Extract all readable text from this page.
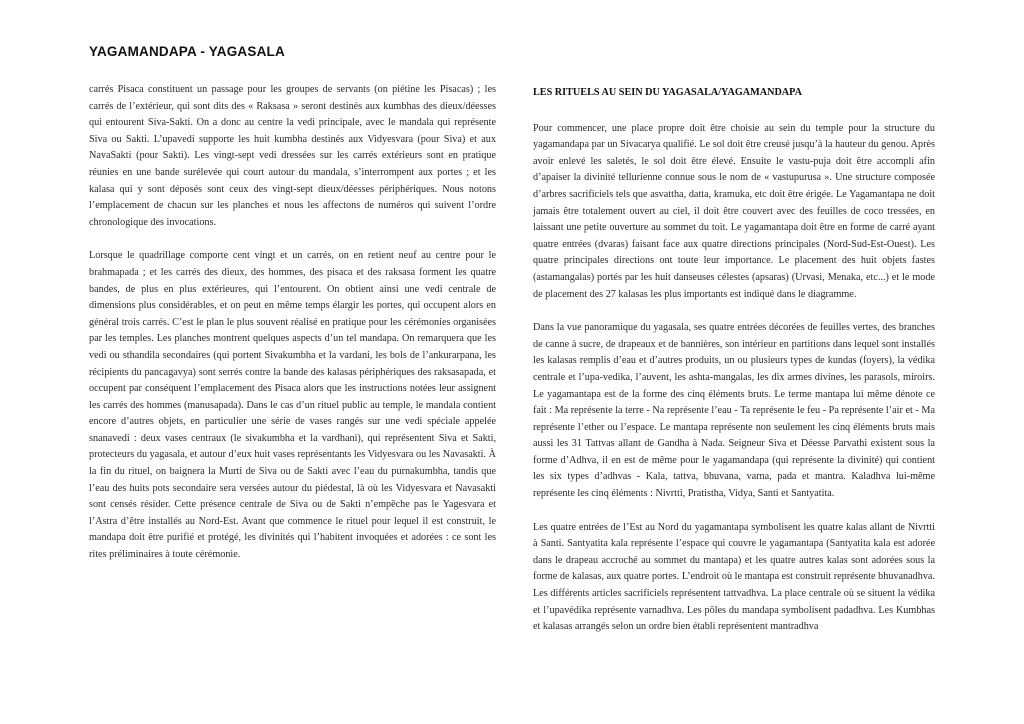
YAGAMANDAPA - YAGASALA

carrés Pisaca constituent un passage pour les groupes de servants (on piétine les Pisacas) ; les carrés de l’extérieur, qui sont dits des « Raksasa » seront destinés aux kumbhas des dieux/déesses qui entourent Siva-Sakti. On a donc au centre la vedi principale, avec le mandala qui représente Siva ou Sakti. L’upavedi supporte les huit kumbha destinés aux Vidyesvara (pour Siva) et aux NavaSakti (pour Sakti). Les vingt-sept vedi dressées sur les carrés extérieurs sont en pratique réunies en une bande surélevée qui court autour du mandala, s’interrompent aux portes ; et les kalasa qui y sont déposés sont ceux des vingt-sept dieux/déesses périphériques. Nous notons l’emplacement de chacun sur les planches et nous les affectons de numéros qui suivent l’ordre chronologique des invocations.

Lorsque le quadrillage comporte cent vingt et un carrés, on en retient neuf au centre pour le brahmapada ; et les carrés des dieux, des hommes, des pisaca et des raksasa forment les quatre bandes, de plus en plus extérieures, qui l’entourent. On obtient ainsi une vedi centrale de dimensions plus considérables, et on peut en même temps élargir les portes, qui occupent alors en général trois carrés. C’est le plan le plus souvent réalisé en pratique pour les cérémonies organisées par les temples. Les planches montrent quelques aspects d’un tel mandapa. On remarquera que les vedi ou sthandila secondaires (qui portent Sivakumbha et la vardani, les bols de l’ankurarpana, les récipients du pancagavya) sont serrés contre la bande des kalasas périphériques des raksasapada, et occupent par conséquent l’emplacement des Pisaca alors que les instructions notées leur assignent les carrés des hommes (manusapada). Dans le cas d’un rituel public au temple, le mandala contient encore d’autres objets, en particulier une série de vases rangés sur une vedi spéciale appelée snanavedi : deux vases centraux (le sivakumbha et la vardhani), qui représentent Siva et Sakti, protecteurs du yagasala, et autour d’eux huit vases représentants les Vidyesvara ou les Navasakti. À la fin du rituel, on baignera la Murti de Siva ou de Sakti avec l’eau du purnakumbha, tandis que l’eau des huits pots secondaire sera versées autour du piédestal, là où les Vidyesvara et Navasakti sont censés résider. Cette présence centrale de Siva ou de Sakti n’empêche pas le Yagesvara et l’Astra d’être installés au Nord-Est. Avant que commence le rituel pour lequel il est construit, le mandapa doit être purifié et protégé, les divinités qui l’habitent invoquées et adorées : ce sont les rites préliminaires à toute cérémonie.

LES RITUELS AU SEIN DU YAGASALA/YAGAMANDAPA

Pour commencer, une place propre doit être choisie au sein du temple pour la structure du yagamandapa par un Sivacarya qualifié. Le sol doit être creusé jusqu’à la hauteur du genou. Après avoir enlevé les saletés, le sol doit être élevé. Ensuite le vastu-puja doit être accompli afin d’apaiser la divinité tellurienne connue sous le nom de « vastupurusa ». Une structure composée d’arbres sacrificiels tels que asvattha, datta, kramuka, etc doit être érigée. Le Yagamantapa ne doit jamais être totalement ouvert au ciel, il doit être couvert avec des feuilles de coco tressées, en laissant une petite ouverture au sommet du toit. Le yagamantapa doit être en forme de carré ayant quatre entrées (dvaras) faisant face aux quatre directions principales (Nord-Sud-Est-Ouest). Les quatre principales directions ont toute leur importance. Le placement des huit objets fastes (astamangalas) portés par les huit danseuses célestes (apsaras) (Urvasi, Menaka, etc...) et le mode de placement des 27 kalasas les plus importants est indiqué dans le diagramme.

Dans la vue panoramique du yagasala, ses quatre entrées décorées de feuilles vertes, des branches de canne à sucre, de drapeaux et de bannières, son intérieur en partitions dans lequel sont installés les kalasas remplis d’eau et d’autres produits, un ou plusieurs types de kundas (foyers), la védika centrale et l’upa-vedika, l’auvent, les ashta-mangalas, les dix armes divines, les parasols, miroirs. Le yagamantapa est de la forme des cinq éléments bruts. Le terme mantapa lui même dénote ce fait : Ma représente la terre - Na représente l’eau - Ta représente le feu - Pa représente l’air et - Ma représente l’ether ou l’espace. Le mantapa représente non seulement les cinq éléments bruts mais aussi les 31 Tattvas allant de Gandha à Nada. Seigneur Siva et Déesse Parvathi existent sous la forme d’Adhva, il en est de même pour le yagamandapa (qui représente la divinité) qui contient les six types d’adhvas - Kala, tattva, bhuvana, varna, pada et mantra. Kaladhva lui-même représente les cinq éléments : Nivrtti, Pratistha, Vidya, Santi et Santyatita.

Les quatre entrées de l’Est au Nord du yagamantapa symbolisent les quatre kalas allant de Nivrtti à Santi. Santyatita kala représente l’espace qui couvre le yagamantapa (Santyatita kala est adorée dans le drapeau accroché au sommet du mantapa) et les quatre autres kalas sont adorées sous la forme de kalasas, aux quatre portes. L’endroit où le mantapa est construit représente bhuvanadhva. Les différents articles sacrificiels représentent tattvadhva. La place centrale où se situent la védika et l’upavédika représente varnadhva. Les pôles du mandapa symbolisent padadhva. Les Kumbhas et kalasas arrangés selon un ordre bien établi représentent mantradhva
